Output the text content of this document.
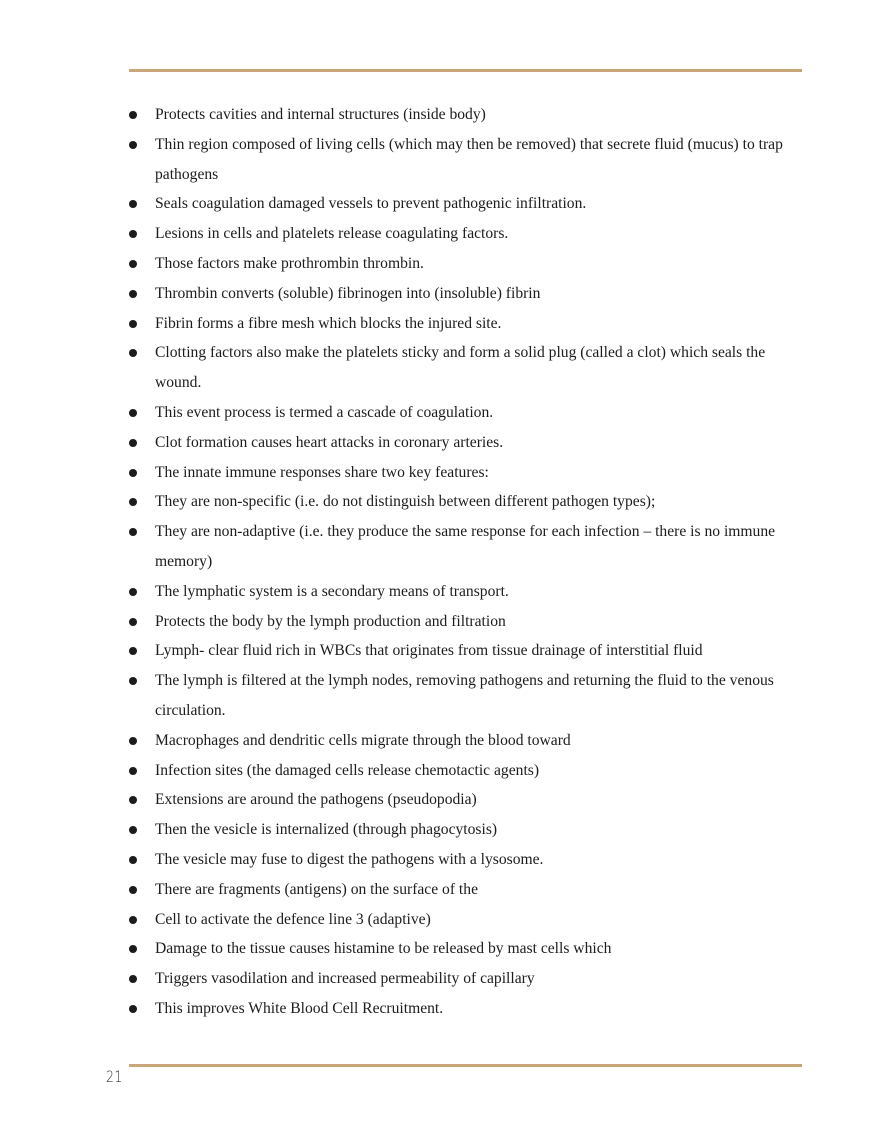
Protects cavities and internal structures (inside body)
Thin region composed of living cells (which may then be removed) that secrete fluid (mucus) to trap pathogens
Seals coagulation damaged vessels to prevent pathogenic infiltration.
Lesions in cells and platelets release coagulating factors.
Those factors make prothrombin thrombin.
Thrombin converts (soluble) fibrinogen into (insoluble) fibrin
Fibrin forms a fibre mesh which blocks the injured site.
Clotting factors also make the platelets sticky and form a solid plug (called a clot) which seals the wound.
This event process is termed a cascade of coagulation.
Clot formation causes heart attacks in coronary arteries.
The innate immune responses share two key features:
They are non-specific (i.e. do not distinguish between different pathogen types);
They are non-adaptive (i.e. they produce the same response for each infection – there is no immune memory)
The lymphatic system is a secondary means of transport.
Protects the body by the lymph production and filtration
Lymph- clear fluid rich in WBCs that originates from tissue drainage of interstitial fluid
The lymph is filtered at the lymph nodes, removing pathogens and returning the fluid to the venous circulation.
Macrophages and dendritic cells migrate through the blood toward
Infection sites (the damaged cells release chemotactic agents)
Extensions are around the pathogens (pseudopodia)
Then the vesicle is internalized (through phagocytosis)
The vesicle may fuse to digest the pathogens with a lysosome.
There are fragments (antigens) on the surface of the
Cell to activate the defence line 3 (adaptive)
Damage to the tissue causes histamine to be released by mast cells which
Triggers vasodilation and increased permeability of capillary
This improves White Blood Cell Recruitment.
21
